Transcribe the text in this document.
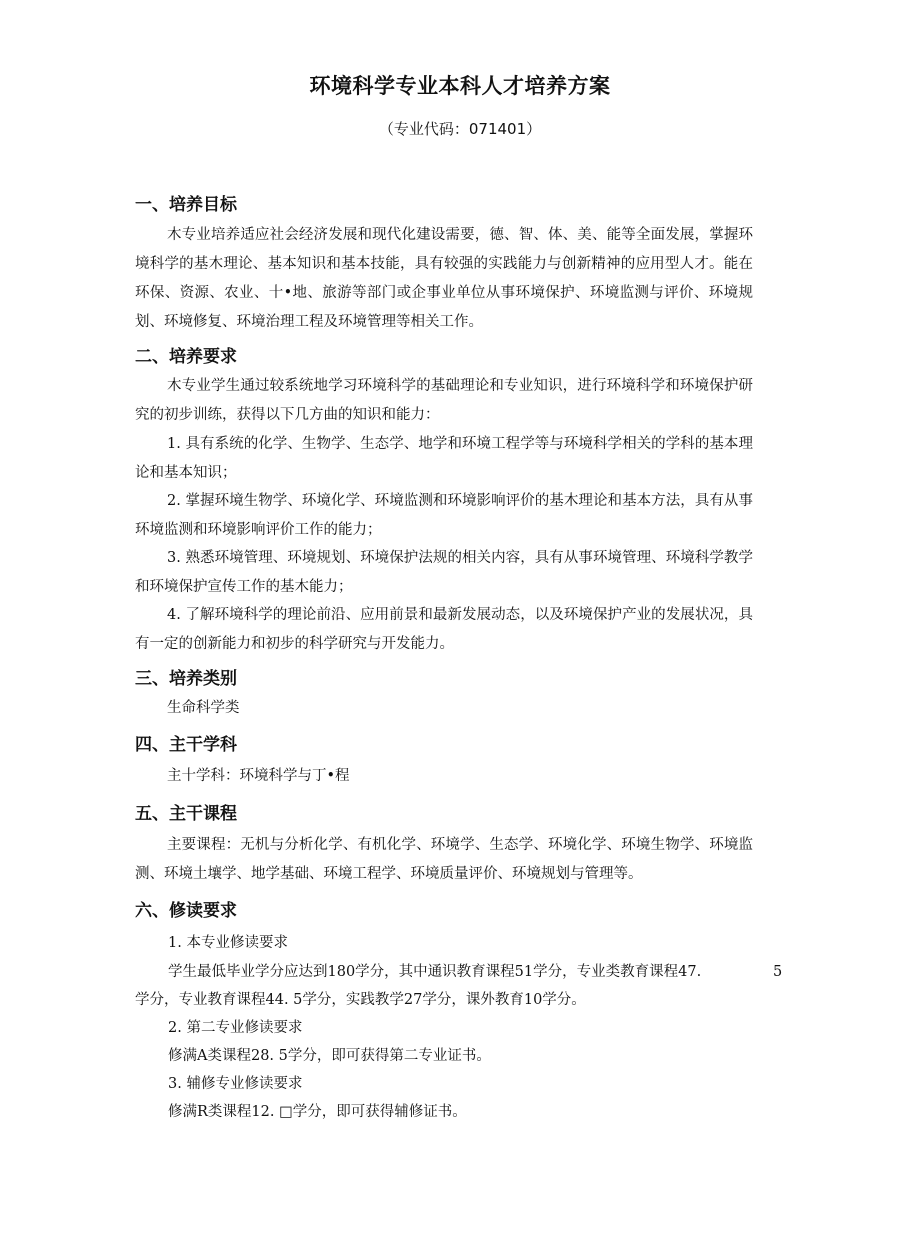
环境科学专业本科人才培养方案
（专业代码：071401）
一、培养目标

木专业培养适应社会经济发展和现代化建设需要，德、智、体、美、能等全面发展，掌握环境科学的基木理论、基本知识和基本技能，具有较强的实践能力与创新精神的应用型人才。能在环保、资源、农业、十•地、旅游等部门或企事业单位从事环境保护、环境监测与评价、环境规划、环境修复、环境治理工程及环境管理等相关工作。

二、培养要求

木专业学生通过较系统地学习环境科学的基础理论和专业知识，进行环境科学和环境保护研究的初步训练，获得以下几方曲的知识和能力：

1. 具有系统的化学、生物学、生态学、地学和环境工程学等与环境科学相关的学科的基本理论和基本知识；

2. 掌握环境生物学、环境化学、环境监测和环境影响评价的基木理论和基本方法，具有从事环境监测和环境影响评价工作的能力；

3. 熟悉环境管理、环境规划、环境保护法规的相关内容，具有从事环境管理、环境科学教学和环境保护宣传工作的基木能力；

4. 了解环境科学的理论前沿、应用前景和最新发展动态，以及环境保护产业的发展状况，具有一定的创新能力和初步的科学研究与开发能力。

三、培养类别

生命科学类

四、主干学科

主十学科：环境科学与丁•程

五、主干课程

主要课程：无机与分析化学、有机化学、环境学、生态学、环境化学、环境生物学、环境监测、环境土壤学、地学基础、环境工程学、环境质量评价、环境规划与管理等。

六、修读要求
1. 本专业修读要求
学生最低毕业学分应达到180学分，其中通识教育课程51学分，专业类教育课程47.	5
学分，专业教育课程44. 5学分，实践教学27学分，课外教育10学分。
2. 第二专业修读要求
修满A类课程28. 5学分，即可获得第二专业证书。
3. 辅修专业修读要求
修满R类课程12. □学分，即可获得辅修证书。
